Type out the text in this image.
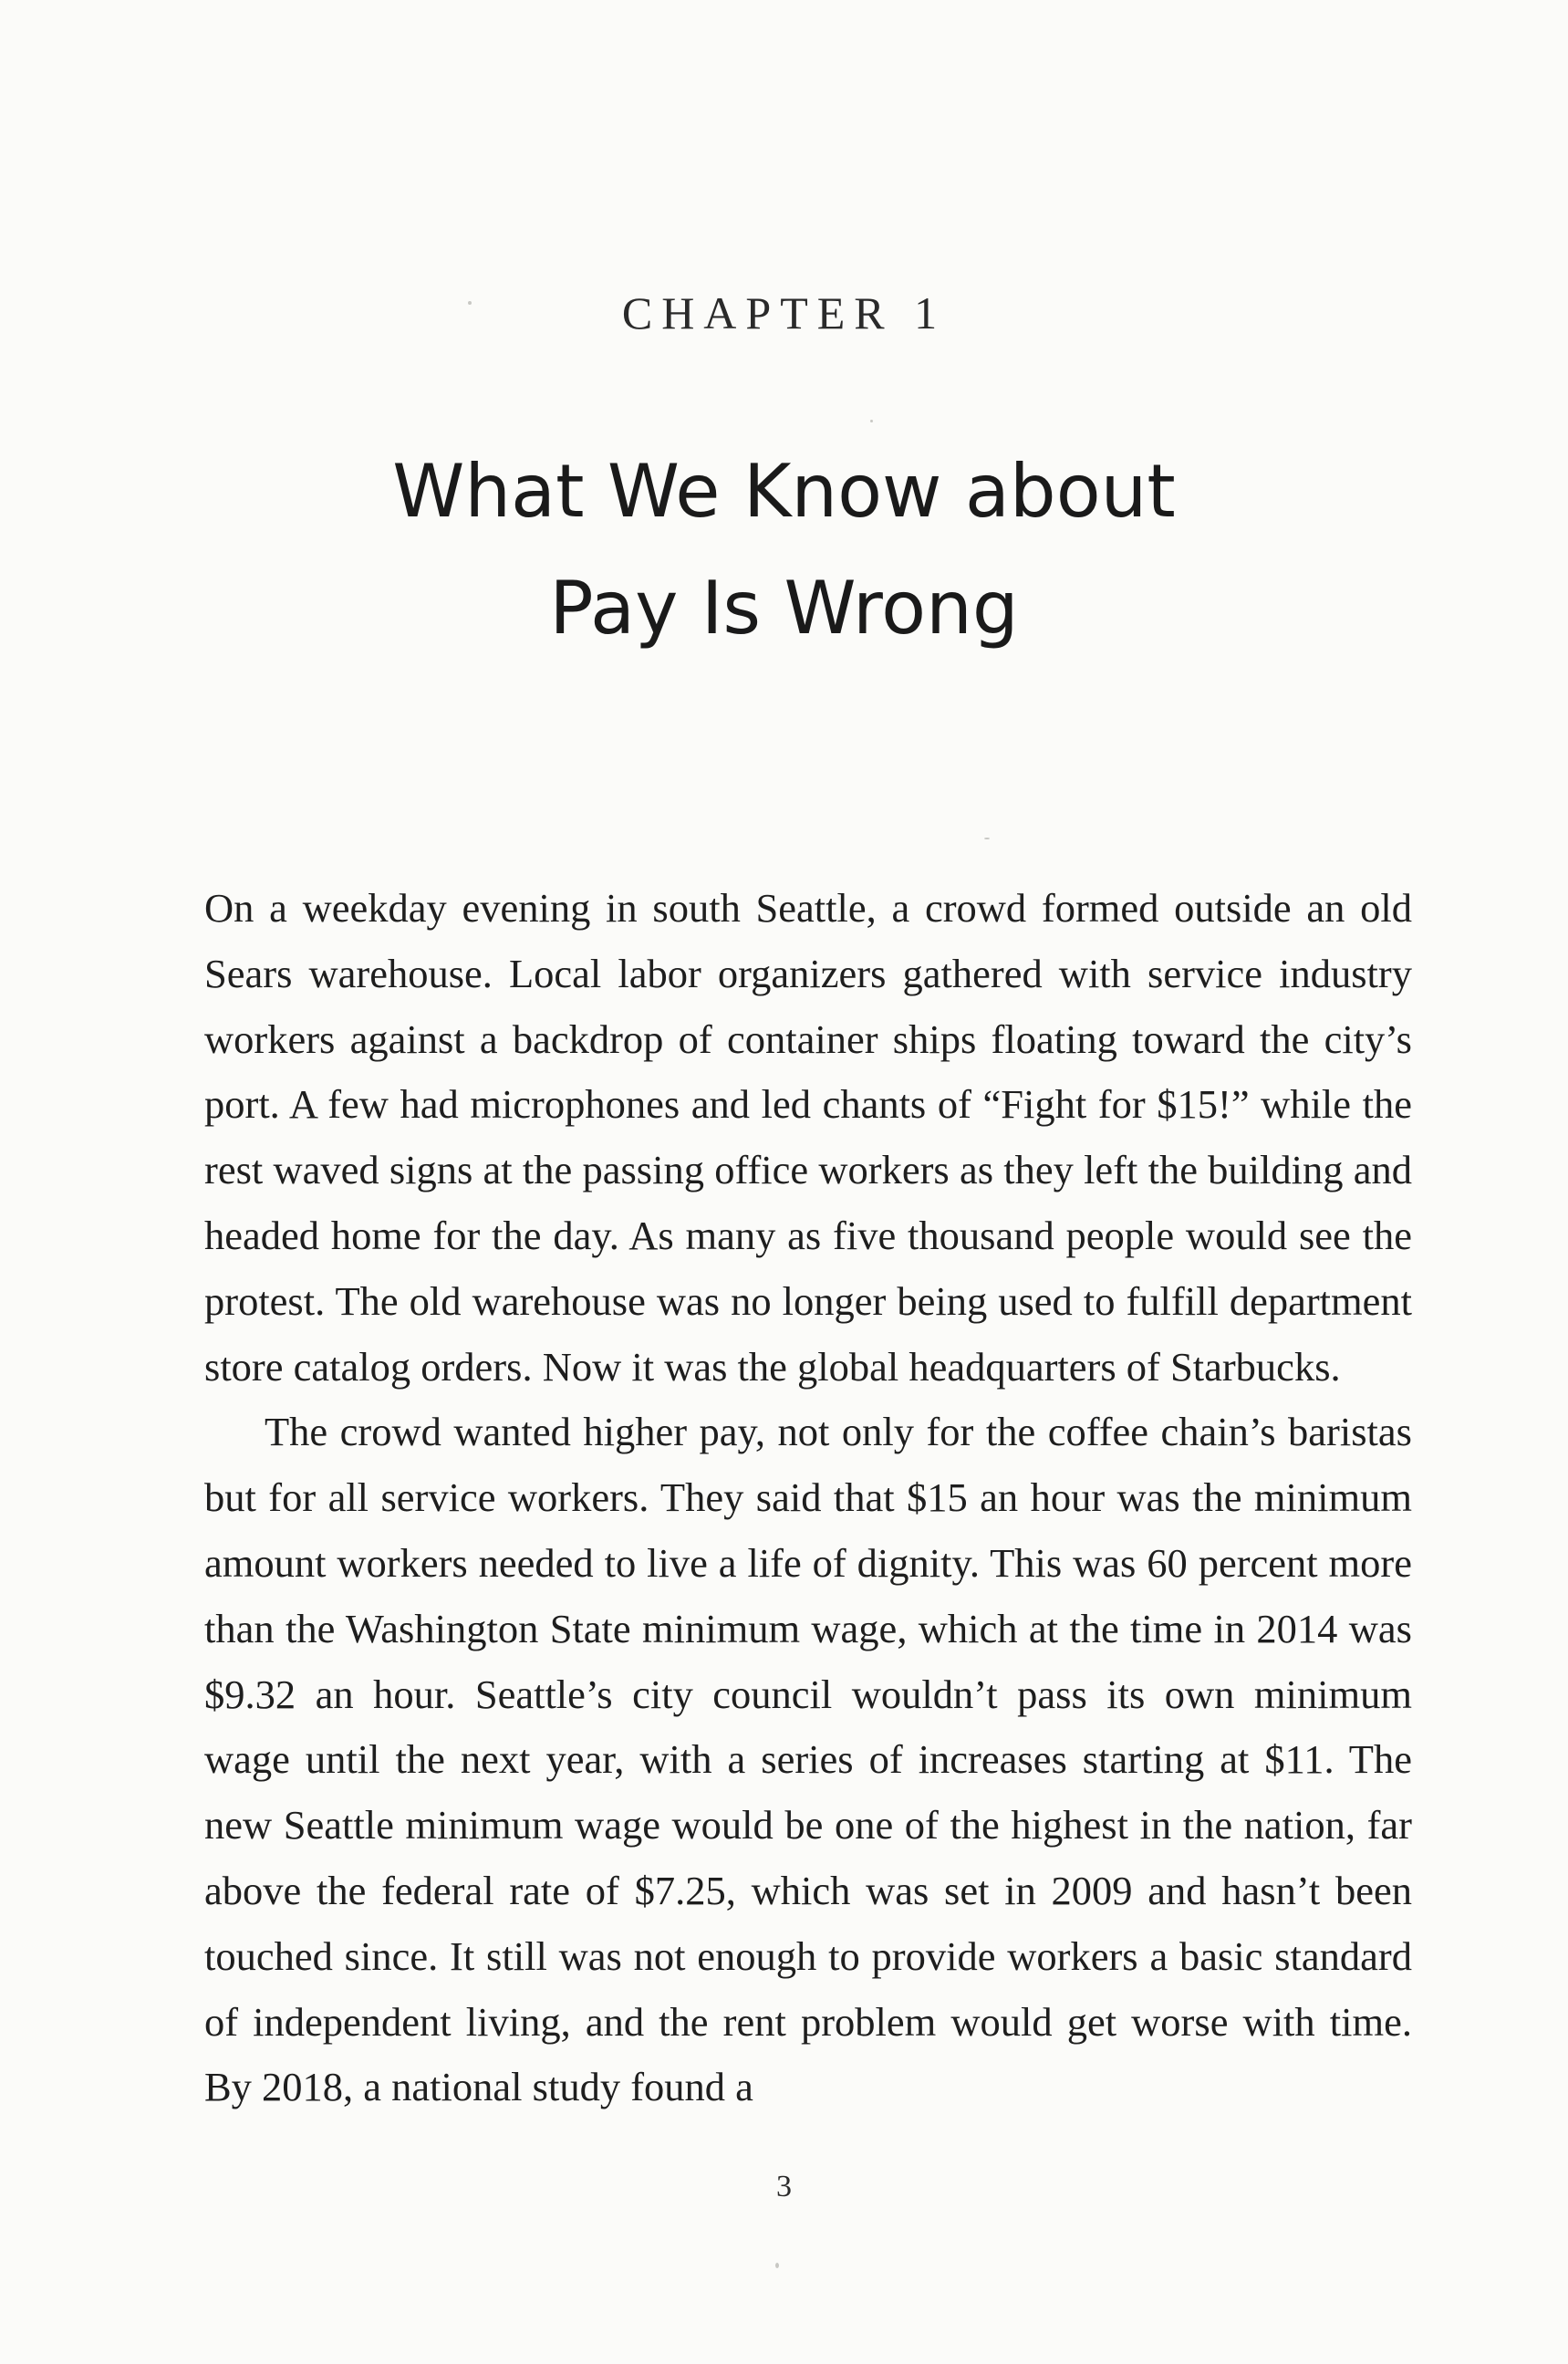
CHAPTER 1
What We Know about
Pay Is Wrong

On a weekday evening in south Seattle, a crowd formed outside an old Sears warehouse. Local labor organizers gathered with service industry workers against a backdrop of container ships floating toward the city’s port. A few had microphones and led chants of “Fight for $15!” while the rest waved signs at the passing office workers as they left the building and headed home for the day. As many as five thousand people would see the protest. The old warehouse was no longer being used to fulfill department store catalog orders. Now it was the global headquarters of Starbucks.

The crowd wanted higher pay, not only for the coffee chain’s baristas but for all service workers. They said that $15 an hour was the minimum amount workers needed to live a life of dignity. This was 60 percent more than the Washington State minimum wage, which at the time in 2014 was $9.32 an hour. Seattle’s city council wouldn’t pass its own minimum wage until the next year, with a series of increases starting at $11. The new Seattle minimum wage would be one of the highest in the nation, far above the federal rate of $7.25, which was set in 2009 and hasn’t been touched since. It still was not enough to provide workers a basic standard of independent living, and the rent problem would get worse with time. By 2018, a national study found a

3
